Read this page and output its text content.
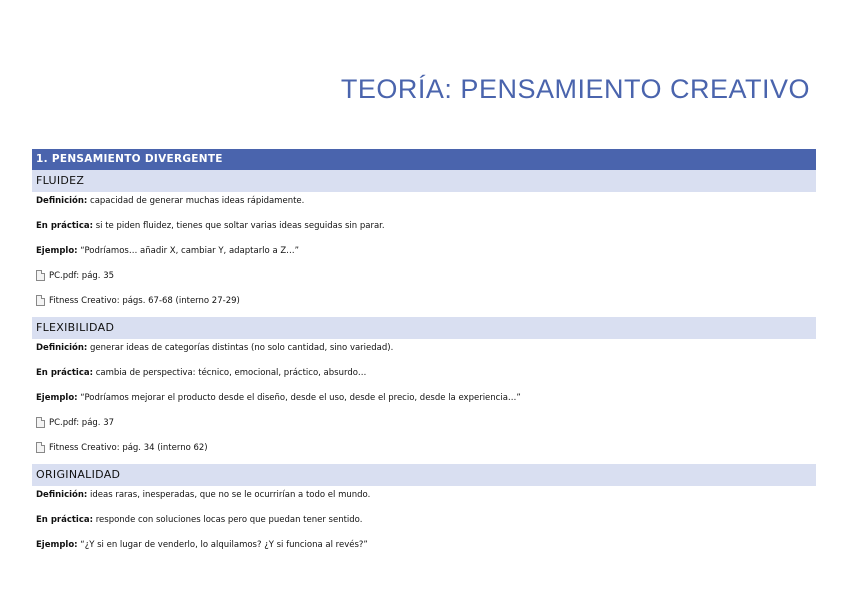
TEORÍA: PENSAMIENTO CREATIVO
1. PENSAMIENTO DIVERGENTE
FLUIDEZ
Definición: capacidad de generar muchas ideas rápidamente.
En práctica: si te piden fluidez, tienes que soltar varias ideas seguidas sin parar.
Ejemplo: “Podríamos… añadir X, cambiar Y, adaptarlo a Z…”
PC.pdf: pág. 35
Fitness Creativo: págs. 67-68 (interno 27-29)
FLEXIBILIDAD
Definición: generar ideas de categorías distintas (no solo cantidad, sino variedad).
En práctica: cambia de perspectiva: técnico, emocional, práctico, absurdo…
Ejemplo: “Podríamos mejorar el producto desde el diseño, desde el uso, desde el precio, desde la experiencia…”
PC.pdf: pág. 37
Fitness Creativo: pág. 34 (interno 62)
ORIGINALIDAD
Definición: ideas raras, inesperadas, que no se le ocurrirían a todo el mundo.
En práctica: responde con soluciones locas pero que puedan tener sentido.
Ejemplo: “¿Y si en lugar de venderlo, lo alquilamos? ¿Y si funciona al revés?”
